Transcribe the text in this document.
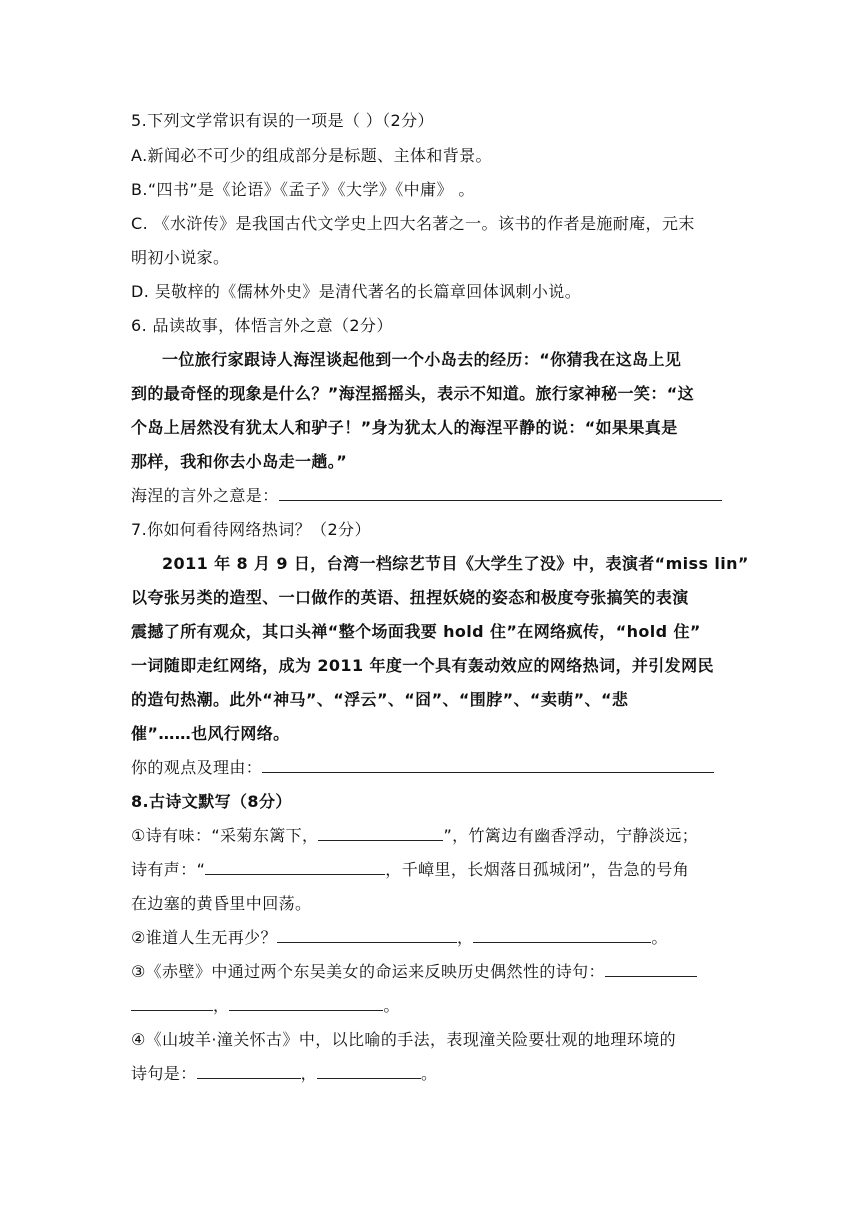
5.下列文学常识有误的一项是（ ）（2分）
A.新闻必不可少的组成部分是标题、主体和背景。
B.“四书”是《论语》《孟子》《大学》《中庸》 。
C. 《水浒传》是我国古代文学史上四大名著之一。该书的作者是施耐庵，元末
明初小说家。
D. 吴敬梓的《儒林外史》是清代著名的长篇章回体讽刺小说。
6. 品读故事，体悟言外之意（2分）
一位旅行家跟诗人海涅谈起他到一个小岛去的经历：“你猜我在这岛上见
到的最奇怪的现象是什么？”海涅摇摇头，表示不知道。旅行家神秘一笑：“这
个岛上居然没有犹太人和驴子！”身为犹太人的海涅平静的说：“如果果真是
那样，我和你去小岛走一趟。”
海涅的言外之意是：
7.你如何看待网络热词？（2分）
2011 年 8 月 9 日，台湾一档综艺节目《大学生了没》中，表演者“miss lin”
以夸张另类的造型、一口做作的英语、扭捏妖娆的姿态和极度夸张搞笑的表演
震撼了所有观众，其口头禅“整个场面我要 hold 住”在网络疯传，“hold 住”
一词随即走红网络，成为 2011 年度一个具有轰动效应的网络热词，并引发网民
的造句热潮。此外“神马”、“浮云”、“囧”、“围脖”、“卖萌”、“悲
催”……也风行网络。
你的观点及理由：
8.古诗文默写（8分）
①诗有味：“采菊东篱下，	”，竹篱边有幽香浮动，宁静淡远；
诗有声：“	，千嶂里，长烟落日孤城闭”，告急的号角
在边塞的黄昏里中回荡。
②谁道人生无再少？	，	。
③《赤壁》中通过两个东吴美女的命运来反映历史偶然性的诗句：
，	。
④《山坡羊·潼关怀古》中，以比喻的手法，表现潼关险要壮观的地理环境的
诗句是：	，	。
